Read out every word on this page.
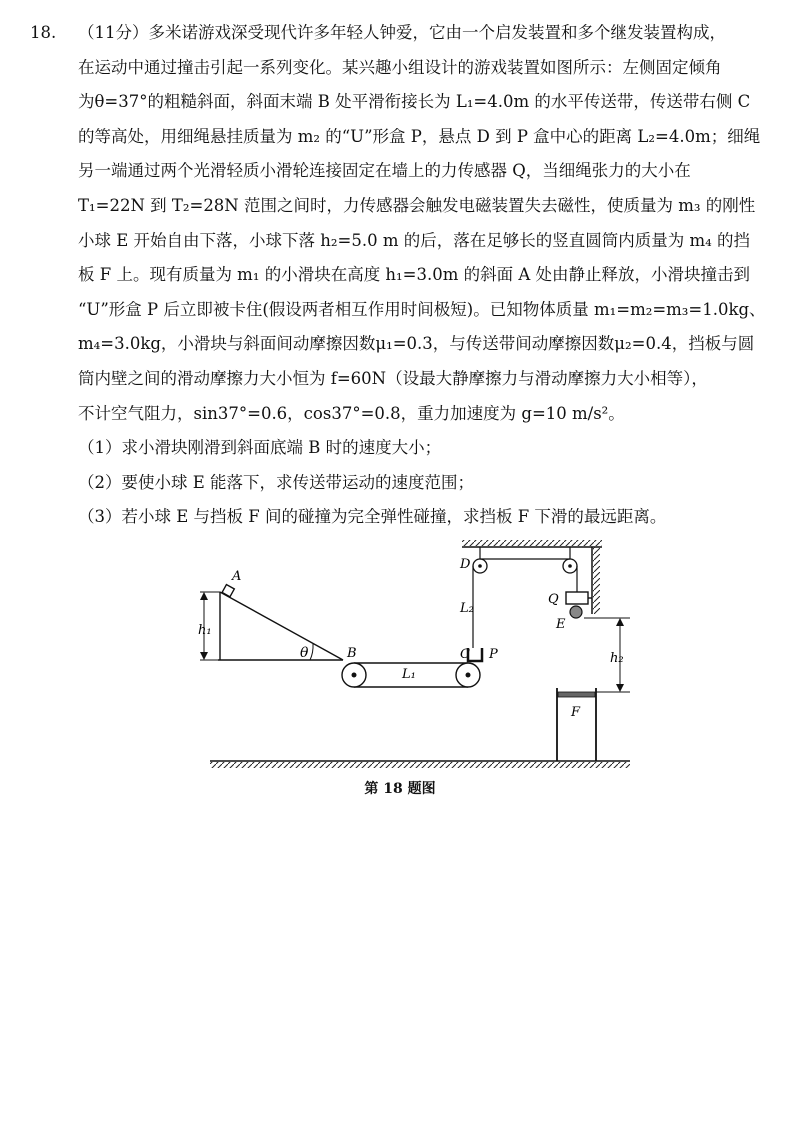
18. （11分）多米诺游戏深受现代许多年轻人钟爱，它由一个启发装置和多个继发装置构成，
在运动中通过撞击引起一系列变化。某兴趣小组设计的游戏装置如图所示：左侧固定倾角
为θ=37°的粗糙斜面，斜面末端 B 处平滑衔接长为 L₁=4.0m 的水平传送带，传送带右侧 C
的等高处，用细绳悬挂质量为 m₂ 的“U”形盒 P，悬点 D 到 P 盒中心的距离 L₂=4.0m；细绳
另一端通过两个光滑轻质小滑轮连接固定在墙上的力传感器 Q，当细绳张力的大小在
T₁=22N 到 T₂=28N 范围之间时，力传感器会触发电磁装置失去磁性，使质量为 m₃ 的刚性
小球 E 开始自由下落，小球下落 h₂=5.0 m 的后，落在足够长的竖直圆筒内质量为 m₄ 的挡
板 F 上。现有质量为 m₁ 的小滑块在高度 h₁=3.0m 的斜面 A 处由静止释放，小滑块撞击到
“U”形盒 P 后立即被卡住(假设两者相互作用时间极短)。已知物体质量 m₁=m₂=m₃=1.0kg、
m₄=3.0kg，小滑块与斜面间动摩擦因数μ₁=0.3，与传送带间动摩擦因数μ₂=0.4，挡板与圆
筒内壁之间的滑动摩擦力大小恒为 f=60N（设最大静摩擦力与滑动摩擦力大小相等），
不计空气阻力，sin37°=0.6，cos37°=0.8，重力加速度为 g=10 m/s²。
（1）求小滑块刚滑到斜面底端 B 时的速度大小；
（2）要使小球 E 能落下，求传送带运动的速度范围；
（3）若小球 E 与挡板 F 间的碰撞为完全弹性碰撞，求挡板 F 下滑的最远距离。
A
θ
h₁
B
L₁
C
D
L₂
P
Q
E
h₂
F
第 18 题图
